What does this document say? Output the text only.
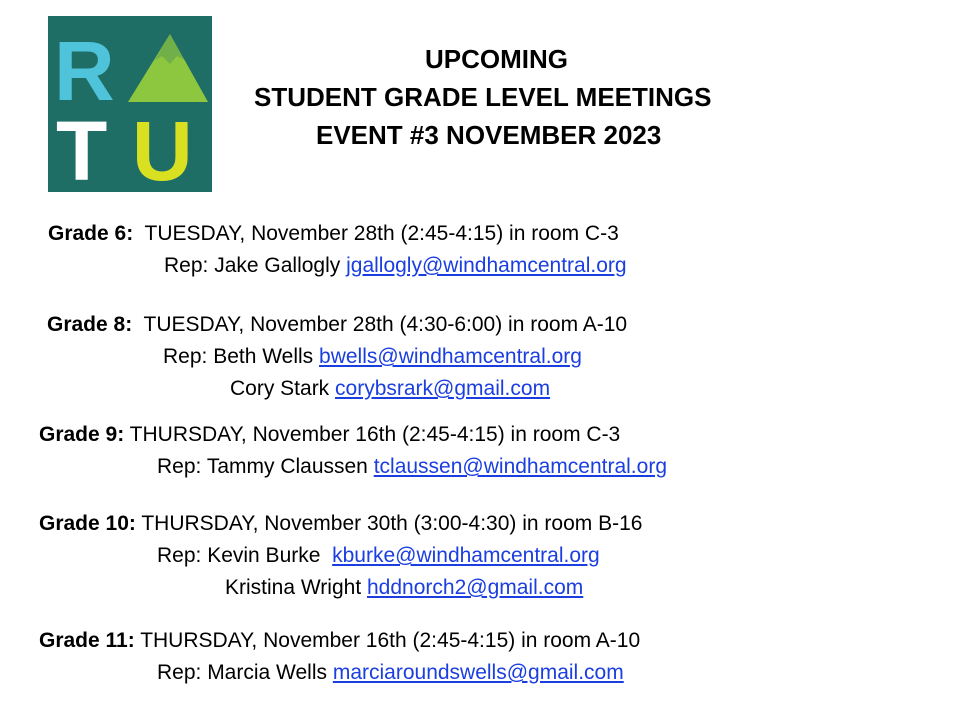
R
T U
UPCOMING
STUDENT GRADE LEVEL MEETINGS
EVENT #3 NOVEMBER 2023
Grade 6:  TUESDAY, November 28th (2:45-4:15) in room C-3
Rep: Jake Gallogly jgallogly@windhamcentral.org
Grade 8:  TUESDAY, November 28th (4:30-6:00) in room A-10
Rep: Beth Wells bwells@windhamcentral.org
Cory Stark corybsrark@gmail.com
Grade 9: THURSDAY, November 16th (2:45-4:15) in room C-3
Rep: Tammy Claussen tclaussen@windhamcentral.org
Grade 10: THURSDAY, November 30th (3:00-4:30) in room B-16
Rep: Kevin Burke  kburke@windhamcentral.org
Kristina Wright hddnorch2@gmail.com
Grade 11: THURSDAY, November 16th (2:45-4:15) in room A-10
Rep: Marcia Wells marciaroundswells@gmail.com
